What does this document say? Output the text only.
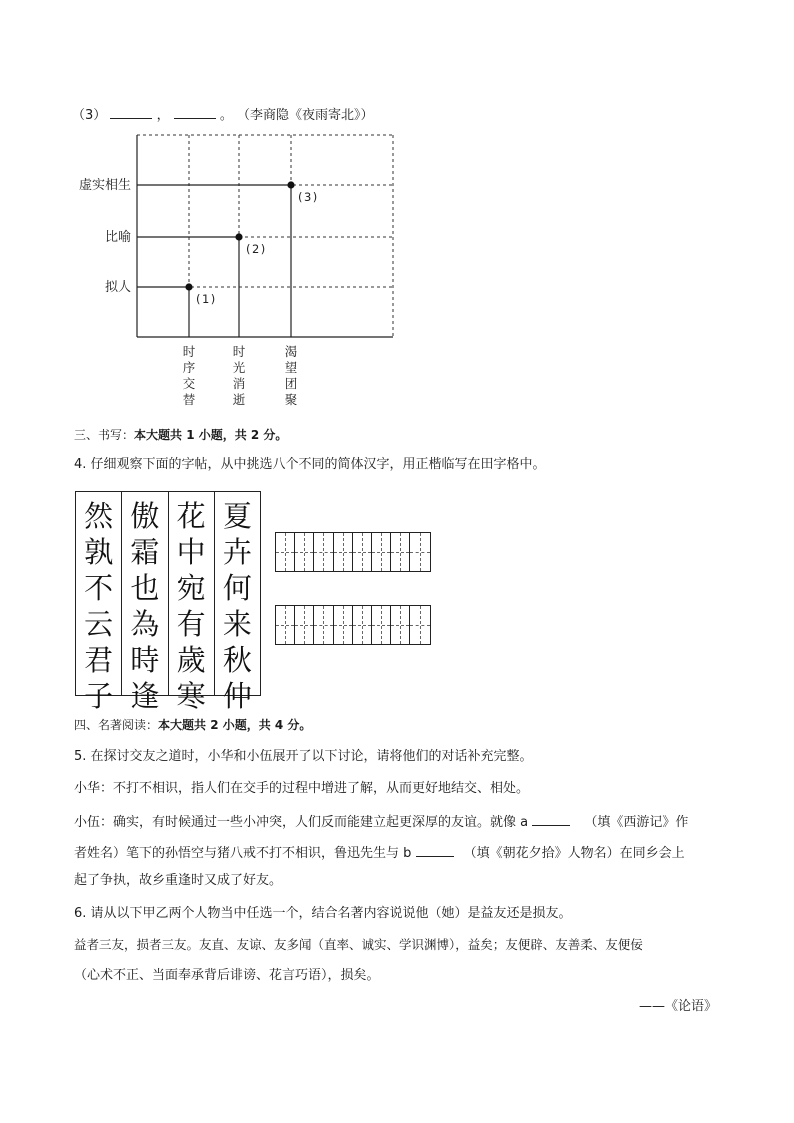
（3）	，	。 （李商隐《夜雨寄北》）
(1)
(2)
(3)
拟人
比喻
虚实相生
时
序
交
替
时
光
消
逝
渴
望
团
聚
三、书写：本大题共 1 小题，共 2 分。
4. 仔细观察下面的字帖，从中挑选八个不同的简体汉字，用正楷临写在田字格中。
然
孰
不
云
君
子
傲
霜
也
為
時
逢
花
中
宛
有
歲
寒
夏
卉
何
来
秋
仲
四、名著阅读：本大题共 2 小题，共 4 分。
5. 在探讨交友之道时，小华和小伍展开了以下讨论，请将他们的对话补充完整。
小华：不打不相识，指人们在交手的过程中增进了解，从而更好地结交、相处。
小伍：确实，有时候通过一些小冲突，人们反而能建立起更深厚的友谊。就像 a	（填《西游记》作
者姓名）笔下的孙悟空与猪八戒不打不相识，鲁迅先生与 b	（填《朝花夕拾》人物名）在同乡会上
起了争执，故乡重逢时又成了好友。
6. 请从以下甲乙两个人物当中任选一个，结合名著内容说说他（她）是益友还是损友。
益者三友，损者三友。友直、友谅、友多闻（直率、诚实、学识渊博），益矣；友便辟、友善柔、友便佞
（心术不正、当面奉承背后诽谤、花言巧语），损矣。
——《论语》
